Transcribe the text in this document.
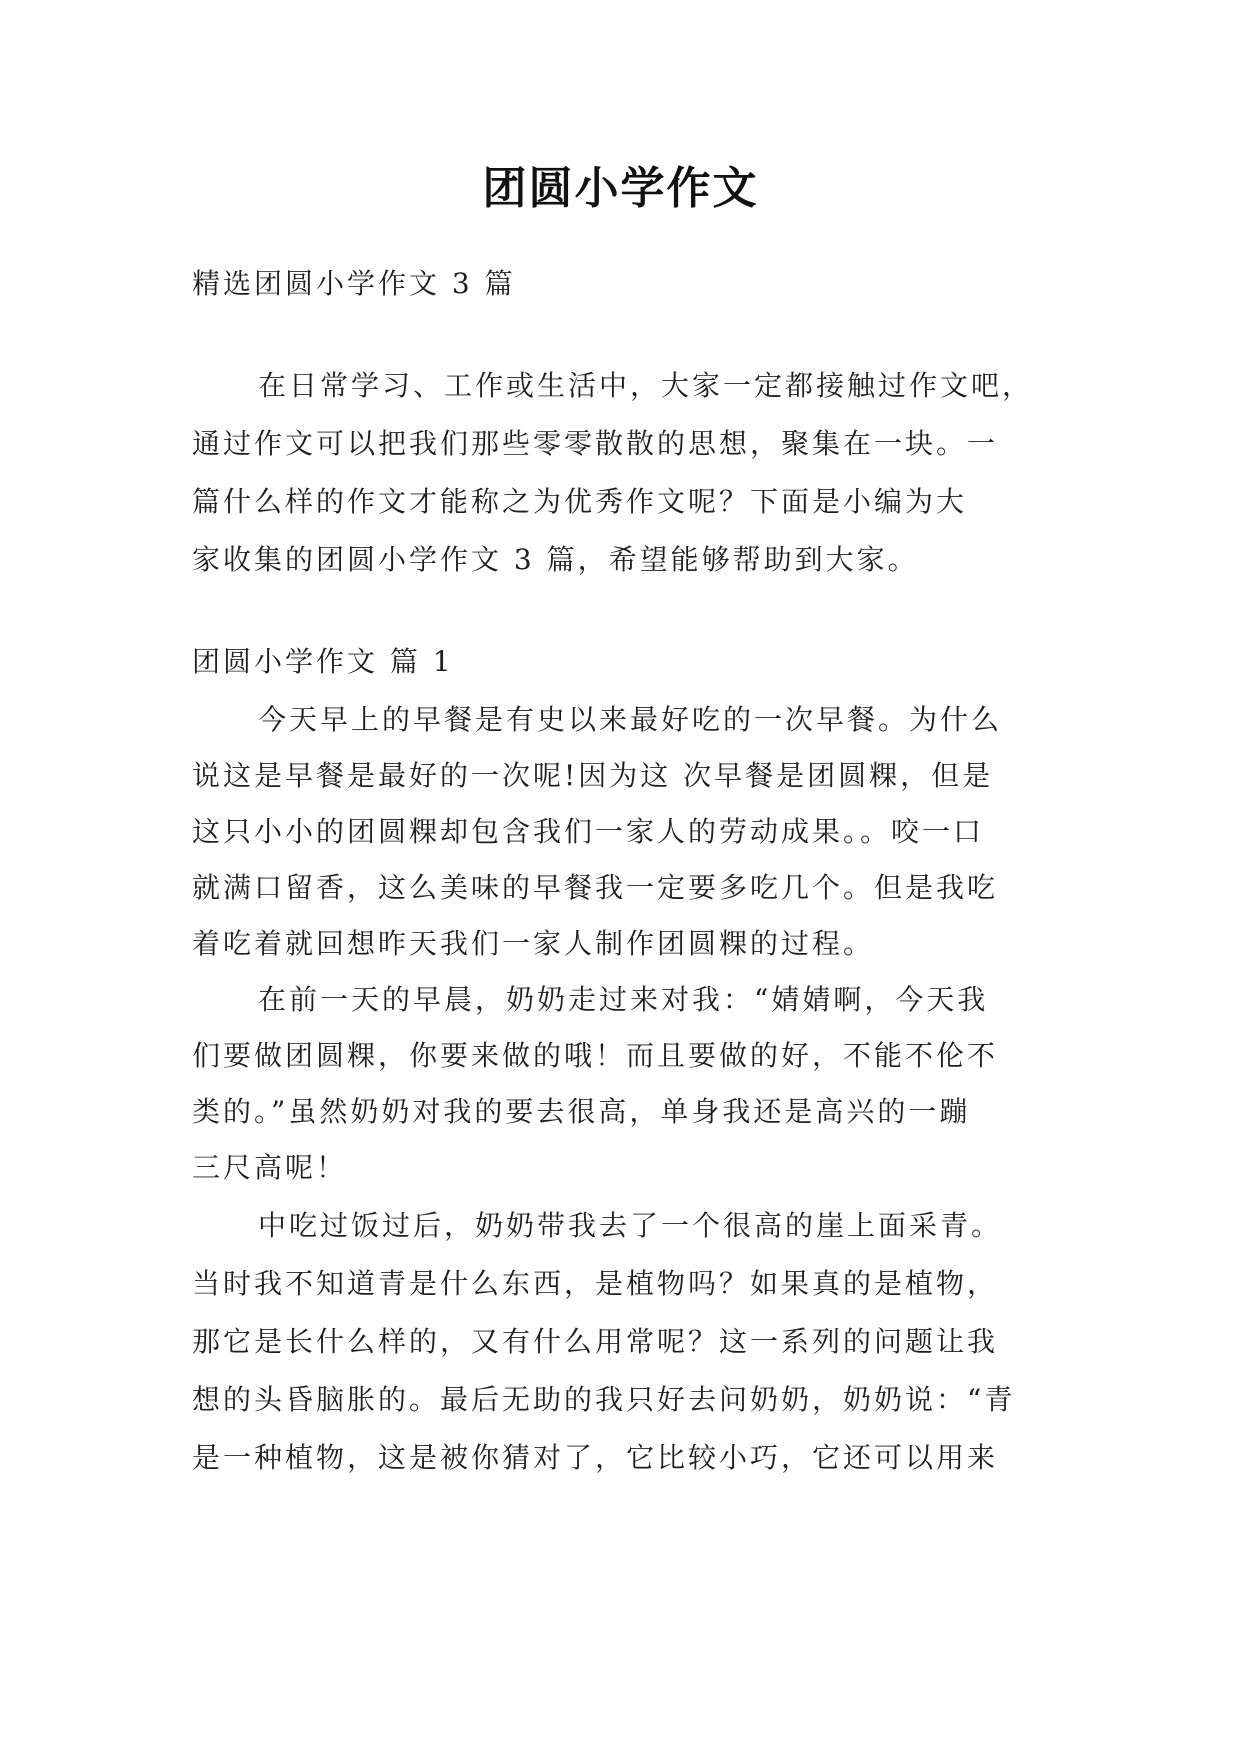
团圆小学作文
精选团圆小学作文 3 篇
在日常学习、工作或生活中，大家一定都接触过作文吧，
通过作文可以把我们那些零零散散的思想，聚集在一块。一
篇什么样的作文才能称之为优秀作文呢？下面是小编为大
家收集的团圆小学作文 3 篇，希望能够帮助到大家。
团圆小学作文 篇 1
今天早上的早餐是有史以来最好吃的一次早餐。为什么
说这是早餐是最好的一次呢!因为这 次早餐是团圆粿，但是
这只小小的团圆粿却包含我们一家人的劳动成果。。咬一口
就满口留香，这么美味的早餐我一定要多吃几个。但是我吃
着吃着就回想昨天我们一家人制作团圆粿的过程。
在前一天的早晨，奶奶走过来对我：“婧婧啊，今天我
们要做团圆粿，你要来做的哦！而且要做的好，不能不伦不
类的。”虽然奶奶对我的要去很高，单身我还是高兴的一蹦
三尺高呢！
中吃过饭过后，奶奶带我去了一个很高的崖上面采青。
当时我不知道青是什么东西，是植物吗？如果真的是植物，
那它是长什么样的，又有什么用常呢？这一系列的问题让我
想的头昏脑胀的。最后无助的我只好去问奶奶，奶奶说：“青
是一种植物，这是被你猜对了，它比较小巧，它还可以用来
